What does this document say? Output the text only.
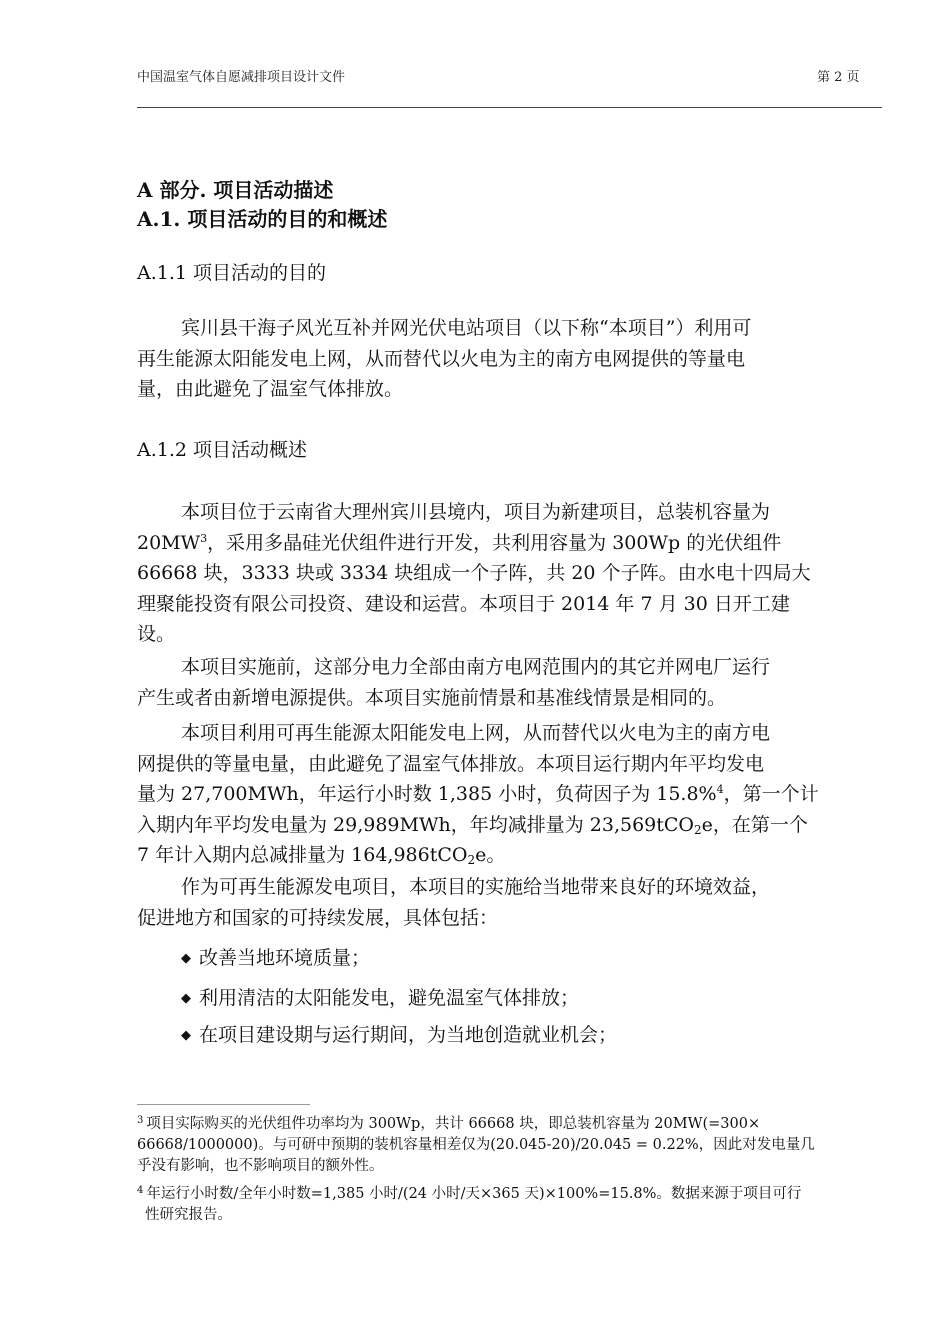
中国温室气体自愿减排项目设计文件	第 2 页
A 部分. 项目活动描述
A.1. 项目活动的目的和概述
A.1.1 项目活动的目的
宾川县干海子风光互补并网光伏电站项目（以下称“本项目”）利用可
再生能源太阳能发电上网，从而替代以火电为主的南方电网提供的等量电
量，由此避免了温室气体排放。
A.1.2 项目活动概述
本项目位于云南省大理州宾川县境内，项目为新建项目，总装机容量为
$20MW^3$，采用多晶硅光伏组件进行开发，共利用容量为 300Wp 的光伏组件
66668 块，3333 块或 3334 块组成一个子阵，共 20 个子阵。由水电十四局大
理聚能投资有限公司投资、建设和运营。本项目于 2014 年 7 月 30 日开工建
设。
本项目实施前，这部分电力全部由南方电网范围内的其它并网电厂运行
产生或者由新增电源提供。本项目实施前情景和基准线情景是相同的。
本项目利用可再生能源太阳能发电上网，从而替代以火电为主的南方电
网提供的等量电量，由此避免了温室气体排放。本项目运行期内年平均发电
量为 27,700MWh，年运行小时数 1,385 小时，负荷因子为 15.8%$^4$，第一个计
入期内年平均发电量为 29,989MWh，年均减排量为 23,569tCO$_2$e，在第一个
7 年计入期内总减排量为 164,986tCO$_2$e。
作为可再生能源发电项目，本项目的实施给当地带来良好的环境效益，
促进地方和国家的可持续发展，具体包括：
◆ 改善当地环境质量；
◆ 利用清洁的太阳能发电，避免温室气体排放；
◆ 在项目建设期与运行期间，为当地创造就业机会；
$^3$ 项目实际购买的光伏组件功率均为 300Wp，共计 66668 块，即总装机容量为 20MW(=300×
66668/1000000)。与可研中预期的装机容量相差仅为(20.045-20)/20.045 = 0.22%，因此对发电量几
乎没有影响，也不影响项目的额外性。
$^4$ 年运行小时数/全年小时数=1,385 小时/(24 小时/天×365 天)×100%=15.8%。数据来源于项目可行
性研究报告。
